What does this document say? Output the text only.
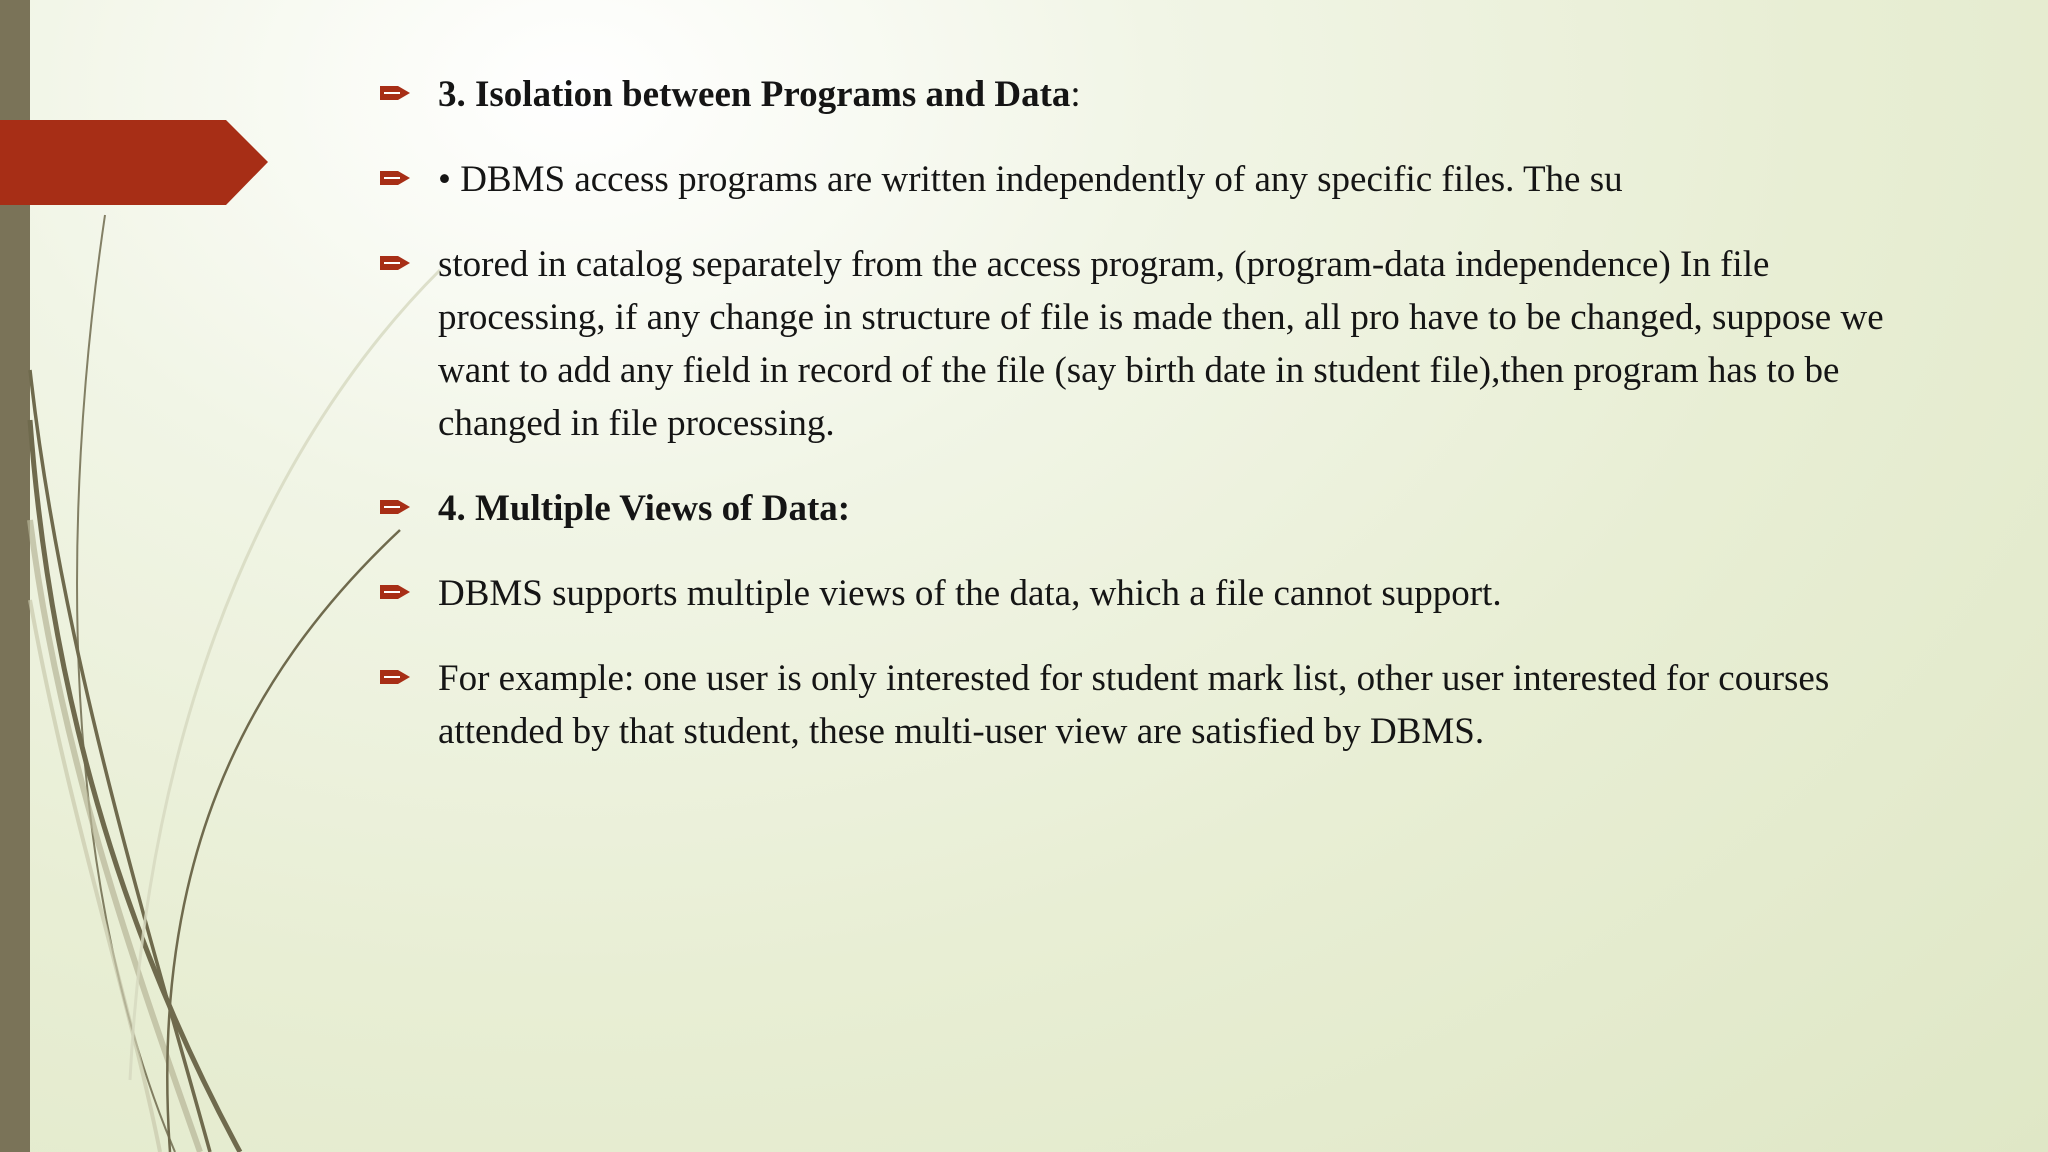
3. Isolation between Programs and Data:
• DBMS access programs are written independently of any specific files. The su
stored in catalog separately from the access program, (program-data independence) In file processing, if any change in structure of file is made then, all pro have to be changed, suppose we want to add any field in record of the file (say birth date in student file),then program has to be changed in file processing.
4. Multiple Views of Data:
DBMS supports multiple views of the data, which a file cannot support.
For example: one user is only interested for student mark list, other user interested for courses attended by that student, these multi-user view are satisfied by DBMS.
